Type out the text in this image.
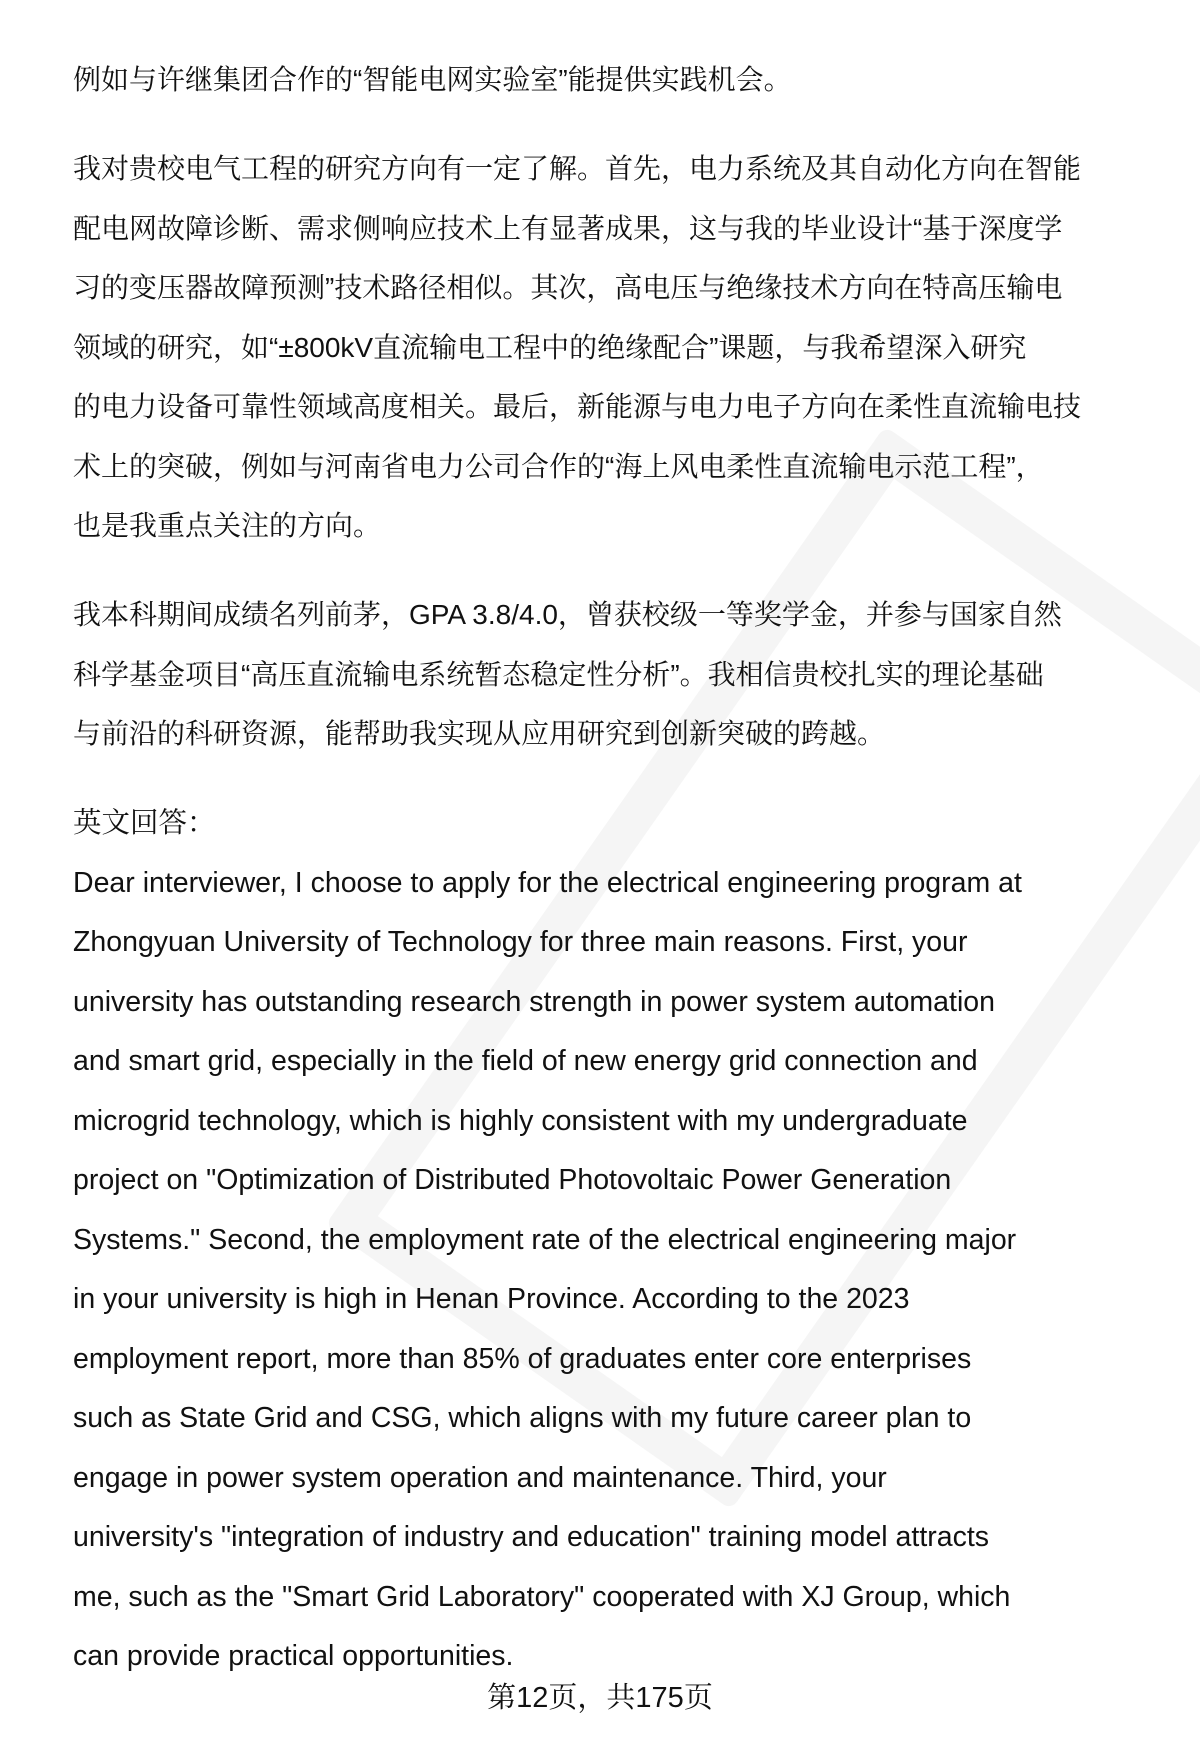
例如与许继集团合作的“智能电网实验室”能提供实践机会。
我对贵校电气工程的研究方向有一定了解。首先，电力系统及其自动化方向在智能
配电网故障诊断、需求侧响应技术上有显著成果，这与我的毕业设计“基于深度学
习的变压器故障预测”技术路径相似。其次，高电压与绝缘技术方向在特高压输电
领域的研究，如“±800kV直流输电工程中的绝缘配合”课题，与我希望深入研究
的电力设备可靠性领域高度相关。最后，新能源与电力电子方向在柔性直流输电技
术上的突破，例如与河南省电力公司合作的“海上风电柔性直流输电示范工程”，
也是我重点关注的方向。
我本科期间成绩名列前茅，GPA 3.8/4.0，曾获校级一等奖学金，并参与国家自然
科学基金项目“高压直流输电系统暂态稳定性分析”。我相信贵校扎实的理论基础
与前沿的科研资源，能帮助我实现从应用研究到创新突破的跨越。
英文回答：
Dear interviewer, I choose to apply for the electrical engineering program at
Zhongyuan University of Technology for three main reasons. First, your
university has outstanding research strength in power system automation
and smart grid, especially in the field of new energy grid connection and
microgrid technology, which is highly consistent with my undergraduate
project on "Optimization of Distributed Photovoltaic Power Generation
Systems." Second, the employment rate of the electrical engineering major
in your university is high in Henan Province. According to the 2023
employment report, more than 85% of graduates enter core enterprises
such as State Grid and CSG, which aligns with my future career plan to
engage in power system operation and maintenance. Third, your
university's "integration of industry and education" training model attracts
me, such as the "Smart Grid Laboratory" cooperated with XJ Group, which
can provide practical opportunities.
第12页，共175页
